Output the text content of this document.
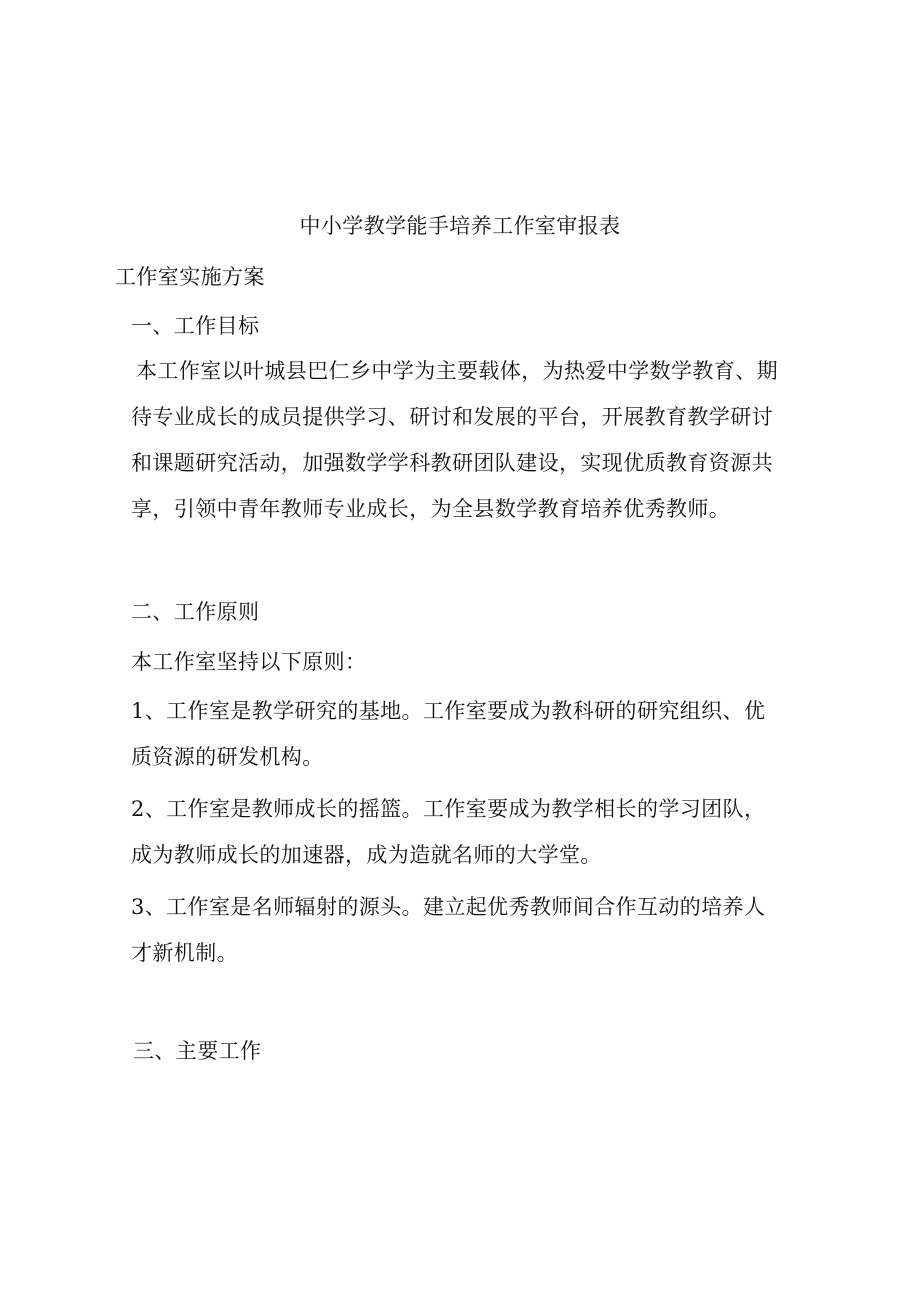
中小学教学能手培养工作室审报表
工作室实施方案
一、工作目标
本工作室以叶城县巴仁乡中学为主要载体，为热爱中学数学教育、期
待专业成长的成员提供学习、研讨和发展的平台，开展教育教学研讨
和课题研究活动，加强数学学科教研团队建设，实现优质教育资源共
享，引领中青年教师专业成长，为全县数学教育培养优秀教师。
二、工作原则
本工作室坚持以下原则：
1、工作室是教学研究的基地。工作室要成为教科研的研究组织、优
质资源的研发机构。
2、工作室是教师成长的摇篮。工作室要成为教学相长的学习团队，
成为教师成长的加速器，成为造就名师的大学堂。
3、工作室是名师辐射的源头。建立起优秀教师间合作互动的培养人
才新机制。
三、主要工作
